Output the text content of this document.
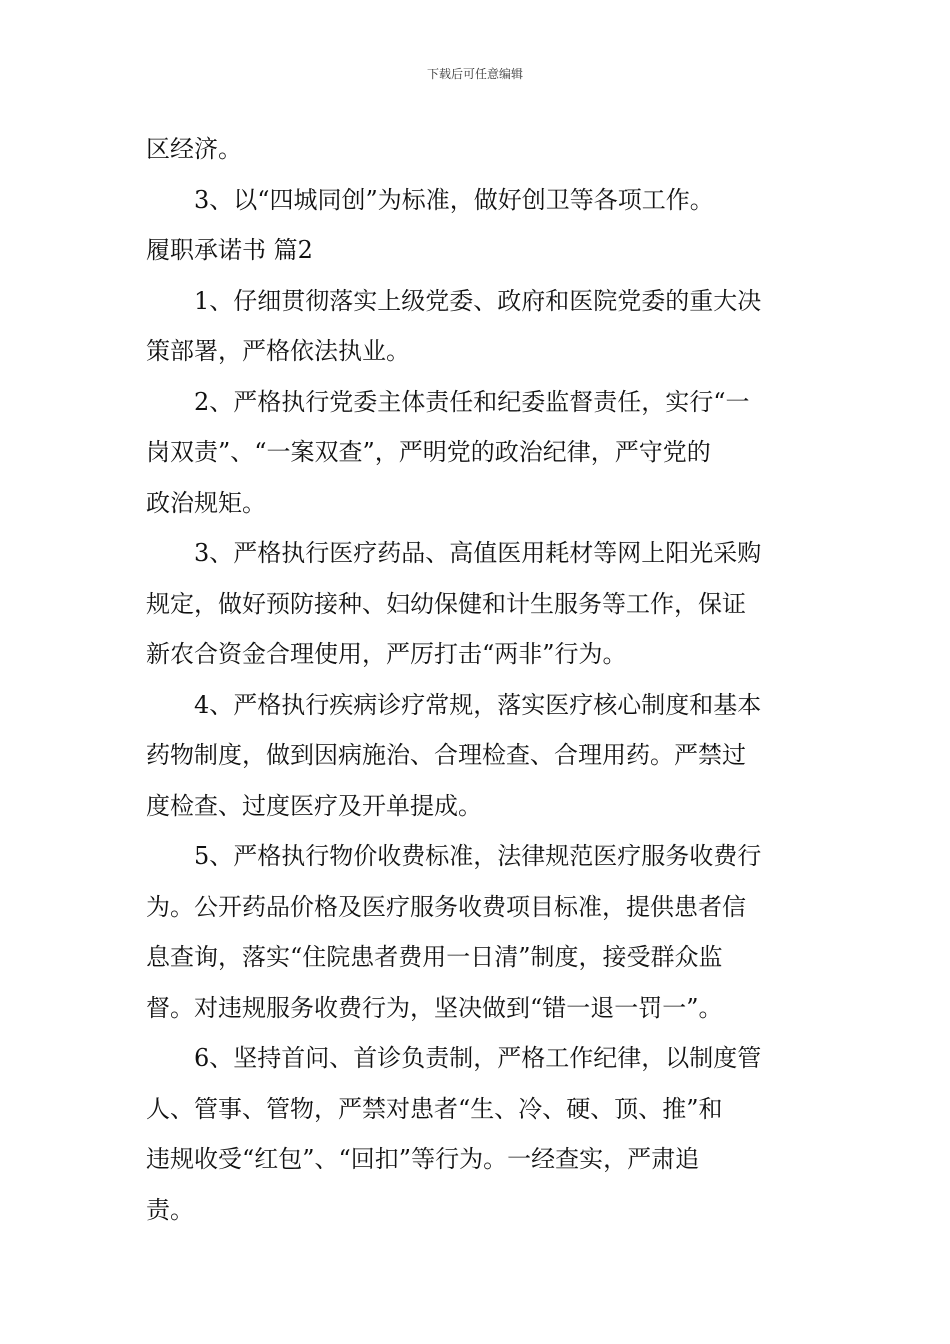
下载后可任意编辑
区经济。
3、以“四城同创”为标准，做好创卫等各项工作。
履职承诺书 篇2
1、仔细贯彻落实上级党委、政府和医院党委的重大决
策部署，严格依法执业。
2、严格执行党委主体责任和纪委监督责任，实行“一
岗双责”、“一案双查”，严明党的政治纪律，严守党的
政治规矩。
3、严格执行医疗药品、高值医用耗材等网上阳光采购
规定，做好预防接种、妇幼保健和计生服务等工作，保证
新农合资金合理使用，严厉打击“两非”行为。
4、严格执行疾病诊疗常规，落实医疗核心制度和基本
药物制度，做到因病施治、合理检查、合理用药。严禁过
度检查、过度医疗及开单提成。
5、严格执行物价收费标准，法律规范医疗服务收费行
为。公开药品价格及医疗服务收费项目标准，提供患者信
息查询，落实“住院患者费用一日清”制度，接受群众监
督。对违规服务收费行为，坚决做到“错一退一罚一”。
6、坚持首问、首诊负责制，严格工作纪律，以制度管
人、管事、管物，严禁对患者“生、冷、硬、顶、推”和
违规收受“红包”、“回扣”等行为。一经查实，严肃追
责。
